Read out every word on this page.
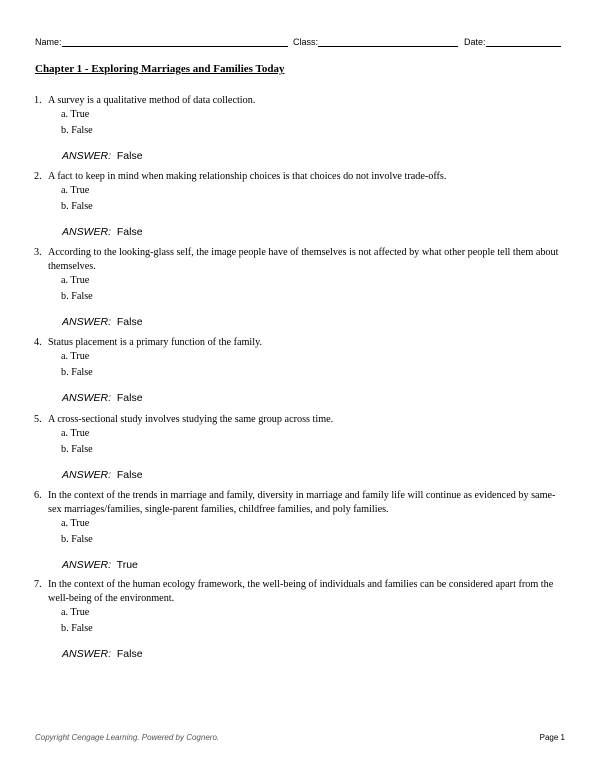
Name:	Class:	Date:
Chapter 1 - Exploring Marriages and Families Today
1. A survey is a qualitative method of data collection.
a. True
b. False
ANSWER: False
2. A fact to keep in mind when making relationship choices is that choices do not involve trade-offs.
a. True
b. False
ANSWER: False
3. According to the looking-glass self, the image people have of themselves is not affected by what other people tell them about themselves.
a. True
b. False
ANSWER: False
4. Status placement is a primary function of the family.
a. True
b. False
ANSWER: False
5. A cross-sectional study involves studying the same group across time.
a. True
b. False
ANSWER: False
6. In the context of the trends in marriage and family, diversity in marriage and family life will continue as evidenced by same-sex marriages/families, single-parent families, childfree families, and poly families.
a. True
b. False
ANSWER: True
7. In the context of the human ecology framework, the well-being of individuals and families can be considered apart from the well-being of the environment.
a. True
b. False
ANSWER: False
Copyright Cengage Learning. Powered by Cognero.	Page 1
